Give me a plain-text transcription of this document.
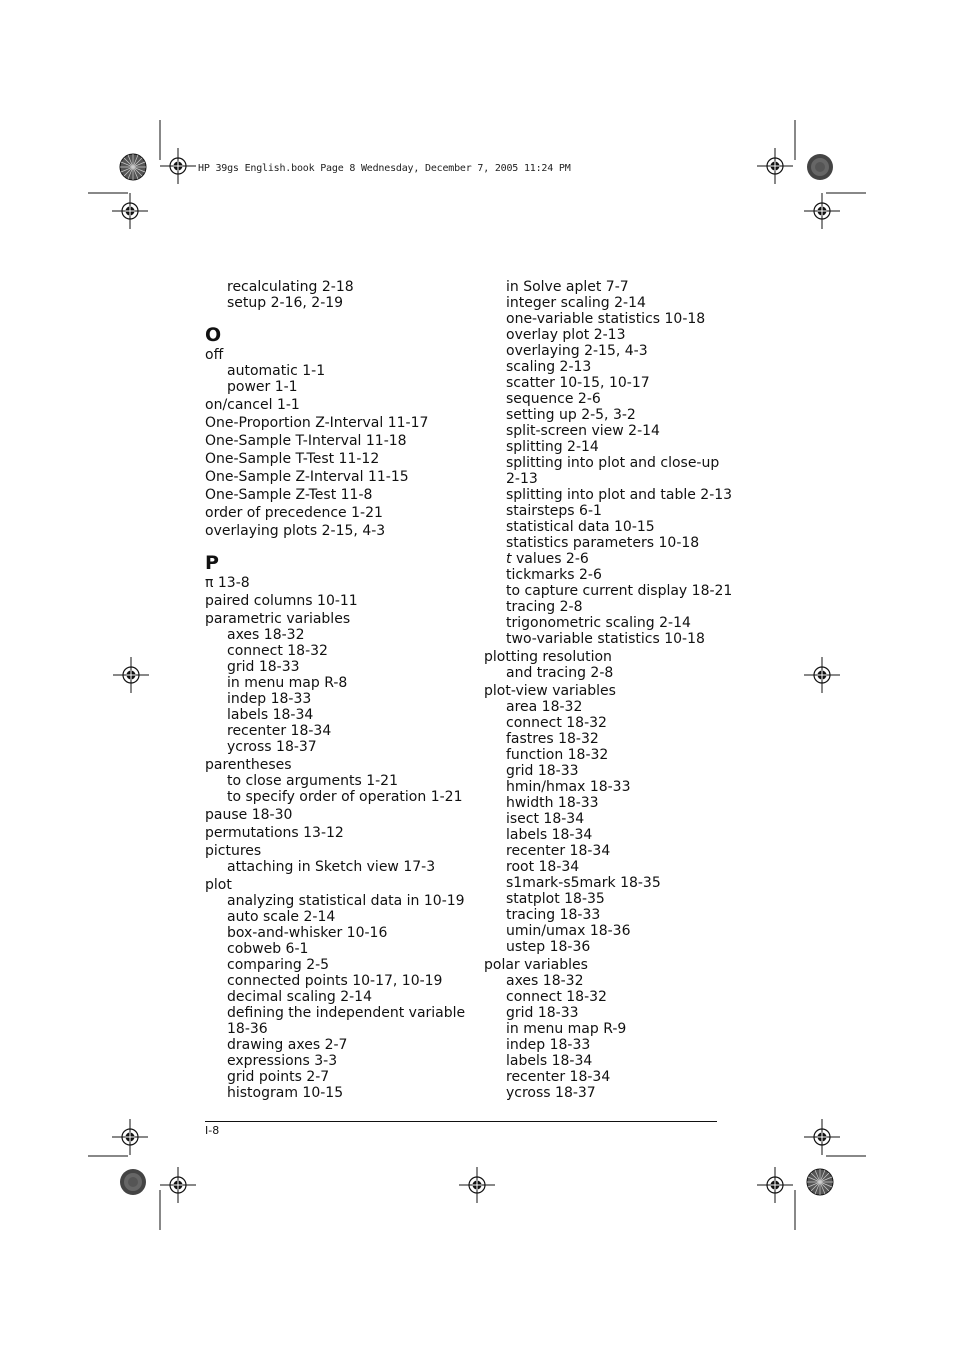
HP 39gs English.book Page 8 Wednesday, December 7, 2005 11:24 PM
recalculating 2-18
setup 2-16, 2-19
O
off
automatic 1-1
power 1-1
on/cancel 1-1
One-Proportion Z-Interval 11-17
One-Sample T-Interval 11-18
One-Sample T-Test 11-12
One-Sample Z-Interval 11-15
One-Sample Z-Test 11-8
order of precedence 1-21
overlaying plots 2-15, 4-3
P
π 13-8
paired columns 10-11
parametric variables
axes 18-32
connect 18-32
grid 18-33
in menu map R-8
indep 18-33
labels 18-34
recenter 18-34
ycross 18-37
parentheses
to close arguments 1-21
to specify order of operation 1-21
pause 18-30
permutations 13-12
pictures
attaching in Sketch view 17-3
plot
analyzing statistical data in 10-19
auto scale 2-14
box-and-whisker 10-16
cobweb 6-1
comparing 2-5
connected points 10-17, 10-19
decimal scaling 2-14
defining the independent variable
18-36
drawing axes 2-7
expressions 3-3
grid points 2-7
histogram 10-15
in Solve aplet 7-7
integer scaling 2-14
one-variable statistics 10-18
overlay plot 2-13
overlaying 2-15, 4-3
scaling 2-13
scatter 10-15, 10-17
sequence 2-6
setting up 2-5, 3-2
split-screen view 2-14
splitting 2-14
splitting into plot and close-up
2-13
splitting into plot and table 2-13
stairsteps 6-1
statistical data 10-15
statistics parameters 10-18
t values 2-6
tickmarks 2-6
to capture current display 18-21
tracing 2-8
trigonometric scaling 2-14
two-variable statistics 10-18
plotting resolution
and tracing 2-8
plot-view variables
area 18-32
connect 18-32
fastres 18-32
function 18-32
grid 18-33
hmin/hmax 18-33
hwidth 18-33
isect 18-34
labels 18-34
recenter 18-34
root 18-34
s1mark-s5mark 18-35
statplot 18-35
tracing 18-33
umin/umax 18-36
ustep 18-36
polar variables
axes 18-32
connect 18-32
grid 18-33
in menu map R-9
indep 18-33
labels 18-34
recenter 18-34
ycross 18-37
I-8
